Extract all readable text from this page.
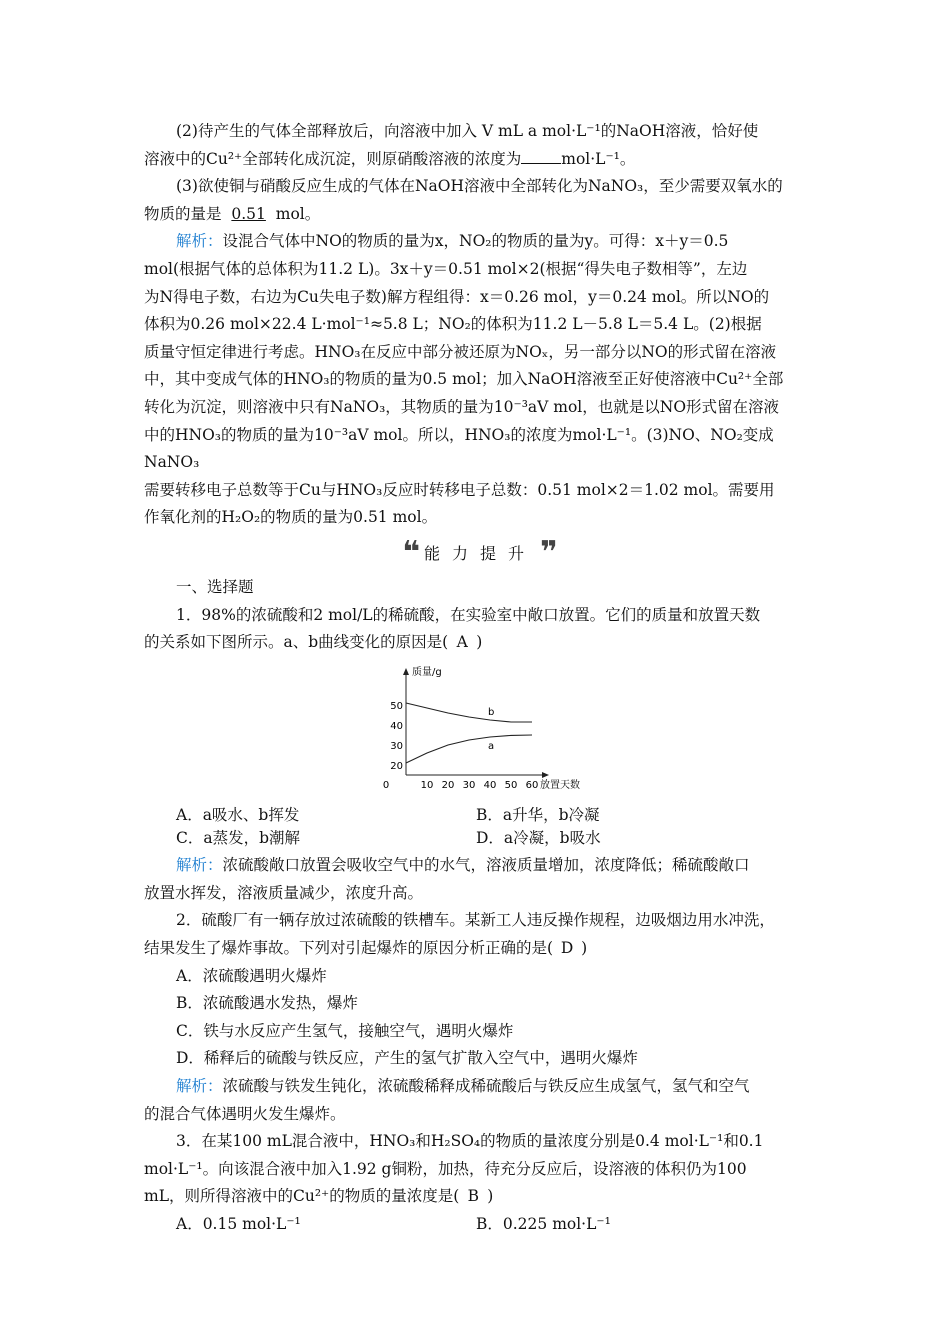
(2)待产生的气体全部释放后，向溶液中加入 V mL a mol·L⁻¹的NaOH溶液，恰好使

溶液中的Cu²⁺全部转化成沉淀，则原硝酸溶液的浓度为	mol·L⁻¹。

(3)欲使铜与硝酸反应生成的气体在NaOH溶液中全部转化为NaNO₃，至少需要双氧水的

物质的量是 0.51 mol。

解析：设混合气体中NO的物质的量为x，NO₂的物质的量为y。可得：x＋y＝0.5

mol(根据气体的总体积为11.2 L)。3x＋y＝0.51 mol×2(根据“得失电子数相等”，左边

为N得电子数，右边为Cu失电子数)解方程组得：x＝0.26 mol，y＝0.24 mol。所以NO的

体积为0.26 mol×22.4 L·mol⁻¹≈5.8 L；NO₂的体积为11.2 L－5.8 L＝5.4 L。(2)根据

质量守恒定律进行考虑。HNO₃在反应中部分被还原为NOₓ，另一部分以NO的形式留在溶液

中，其中变成气体的HNO₃的物质的量为0.5 mol；加入NaOH溶液至正好使溶液中Cu²⁺全部

转化为沉淀，则溶液中只有NaNO₃，其物质的量为10⁻³aV mol，也就是以NO形式留在溶液

中的HNO₃的物质的量为10⁻³aV mol。所以，HNO₃的浓度为mol·L⁻¹。(3)NO、NO₂变成NaNO₃

需要转移电子总数等于Cu与HNO₃反应时转移电子总数：0.51 mol×2＝1.02 mol。需要用

作氧化剂的H₂O₂的物质的量为0.51 mol。

❝ 能力提升 ❞

一、选择题

1．98%的浓硫酸和2 mol/L的稀硫酸，在实验室中敞口放置。它们的质量和放置天数

的关系如下图所示。a、b曲线变化的原因是( A )

质量/g
放置天数
20
30
40
50
0	10 20 30 40 50 60
b
a
A．a吸水、b挥发	B．a升华，b冷凝
C．a蒸发，b潮解	D．a冷凝，b吸水

解析：浓硫酸敞口放置会吸收空气中的水气，溶液质量增加，浓度降低；稀硫酸敞口

放置水挥发，溶液质量减少，浓度升高。

2．硫酸厂有一辆存放过浓硫酸的铁槽车。某新工人违反操作规程，边吸烟边用水冲洗，

结果发生了爆炸事故。下列对引起爆炸的原因分析正确的是( D )

A．浓硫酸遇明火爆炸

B．浓硫酸遇水发热，爆炸

C．铁与水反应产生氢气，接触空气，遇明火爆炸

D．稀释后的硫酸与铁反应，产生的氢气扩散入空气中，遇明火爆炸

解析：浓硫酸与铁发生钝化，浓硫酸稀释成稀硫酸后与铁反应生成氢气，氢气和空气

的混合气体遇明火发生爆炸。

3．在某100 mL混合液中，HNO₃和H₂SO₄的物质的量浓度分别是0.4 mol·L⁻¹和0.1

mol·L⁻¹。向该混合液中加入1.92 g铜粉，加热，待充分反应后，设溶液的体积仍为100

mL，则所得溶液中的Cu²⁺的物质的量浓度是( B )

A．0.15 mol·L⁻¹	B．0.225 mol·L⁻¹
